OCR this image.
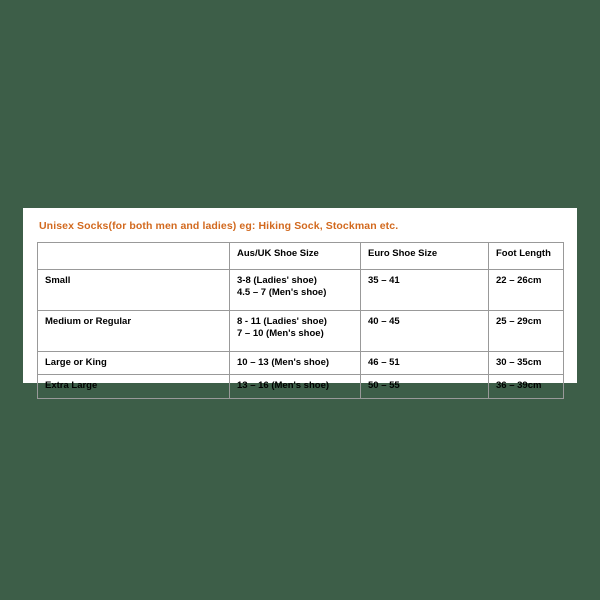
Unisex Socks(for both men and ladies) eg: Hiking Sock, Stockman etc.
	Aus/UK Shoe Size	Euro Shoe Size	Foot Length
Small	3-8 (Ladies' shoe)
4.5 – 7 (Men's shoe)	35 – 41	22 – 26cm

Medium or Regular	8 - 11 (Ladies' shoe)
7 – 10 (Men's shoe)	40 – 45	25 – 29cm

Large or King	10 – 13 (Men's shoe)	46 – 51	30 – 35cm

Extra Large	13 – 16 (Men's shoe)	50 – 55	36 – 39cm
